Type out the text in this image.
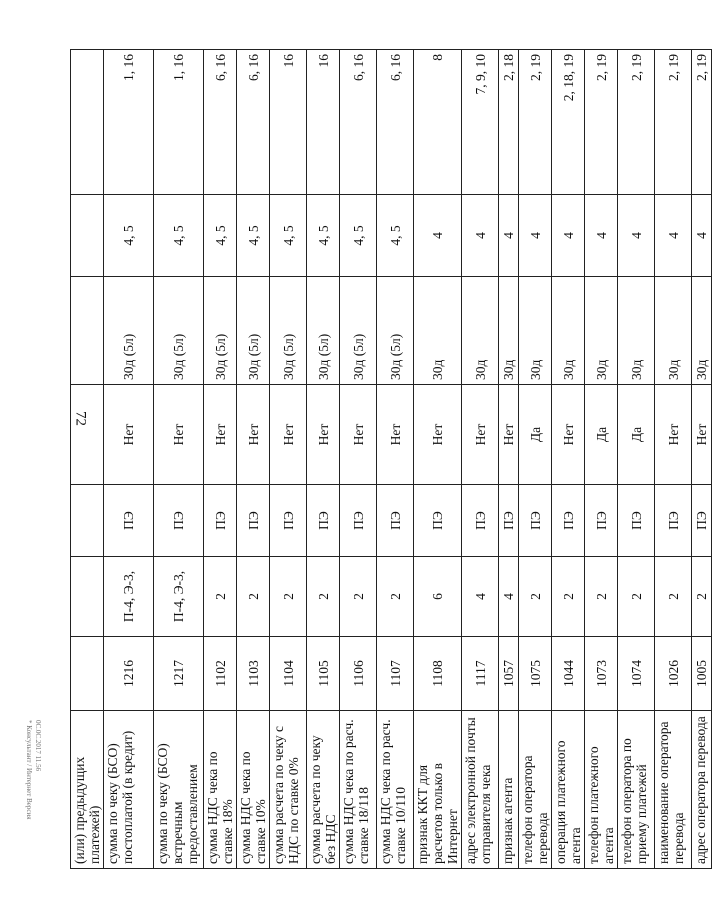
72
0C.0C.2017 11.56
* Консультант / Интернет Версия	(или) предыдущих платежей)							
сумма по чеку (БСО) постоплатой (в кредит)	1216	П-4, Э-3,	ПЭ	Нет	30д (5л)	4, 5	1, 16
сумма по чеку (БСО) встречным предоставлением	1217	П-4, Э-3,	ПЭ	Нет	30д (5л)	4, 5	1, 16
сумма НДС чека по ставке 18%	1102	2	ПЭ	Нет	30д (5л)	4, 5	6, 16
сумма НДС чека по ставке 10%	1103	2	ПЭ	Нет	30д (5л)	4, 5	6, 16
сумма расчета по чеку с НДС по ставке 0%	1104	2	ПЭ	Нет	30д (5л)	4, 5	16
сумма расчета по чеку без НДС	1105	2	ПЭ	Нет	30д (5л)	4, 5	16
сумма НДС чека по расч. ставке 18/118	1106	2	ПЭ	Нет	30д (5л)	4, 5	6, 16
сумма НДС чека по расч. ставке 10/110	1107	2	ПЭ	Нет	30д (5л)	4, 5	6, 16
признак ККТ для расчетов только в Интернет	1108	6	ПЭ	Нет	30д	4	8
адрес электронной почты отправителя чека	1117	4	ПЭ	Нет	30д	4	7, 9, 10
признак агента	1057	4	ПЭ	Нет	30д	4	2, 18
телефон оператора перевода	1075	2	ПЭ	Да	30д	4	2, 19
операция платежного агента	1044	2	ПЭ	Нет	30д	4	2, 18, 19
телефон платежного агента	1073	2	ПЭ	Да	30д	4	2, 19
телефон оператора по приему платежей	1074	2	ПЭ	Да	30д	4	2, 19
наименование оператора перевода	1026	2	ПЭ	Нет	30д	4	2, 19
адрес оператора перевода	1005	2	ПЭ	Нет	30д	4	2, 19
